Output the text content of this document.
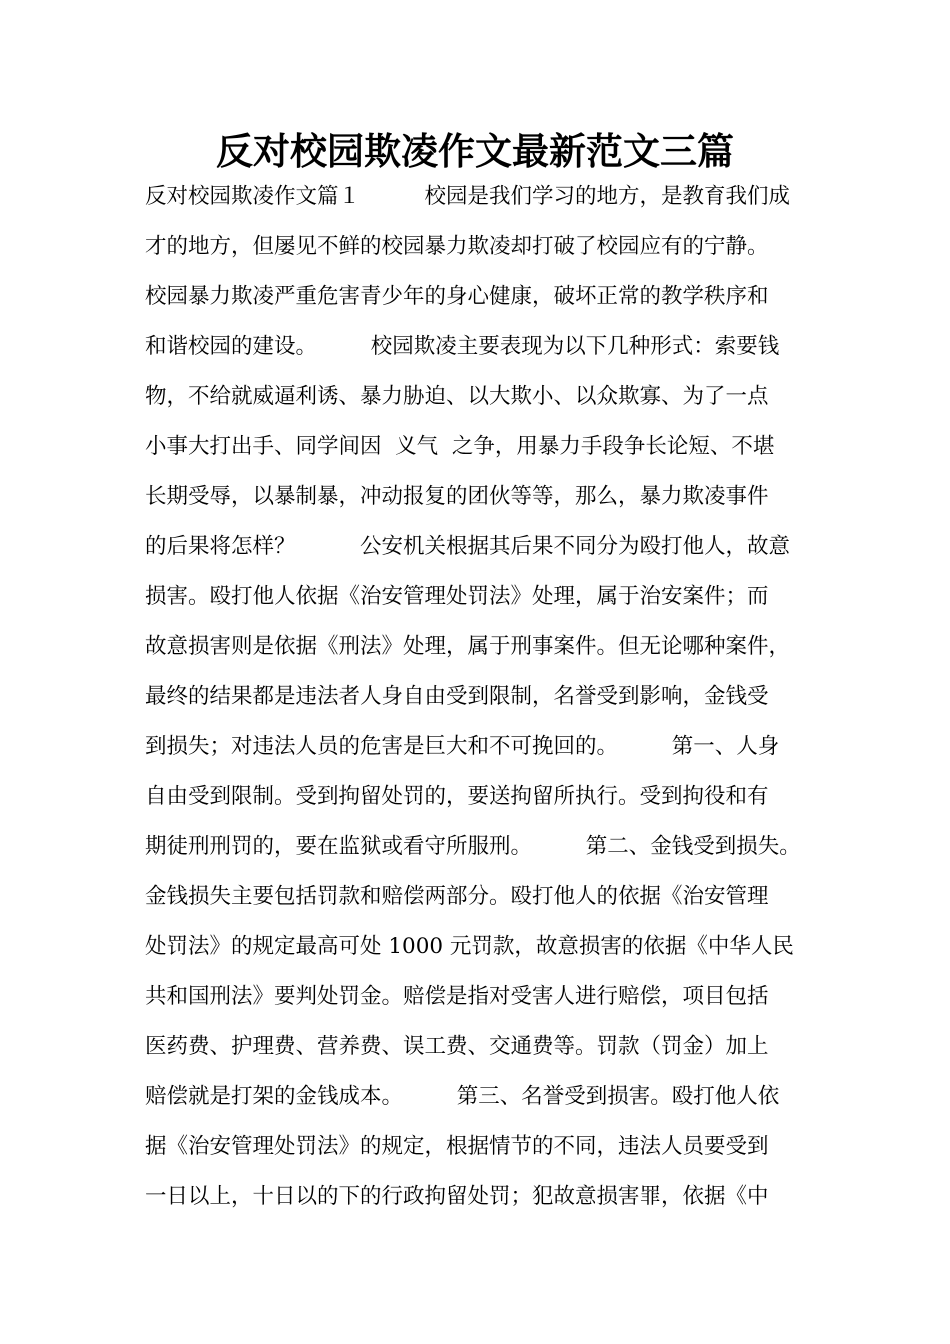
反对校园欺凌作文最新范文三篇
反对校园欺凌作文篇１　　　校园是我们学习的地方，是教育我们成
才的地方，但屡见不鲜的校园暴力欺凌却打破了校园应有的宁静。
校园暴力欺凌严重危害青少年的身心健康，破坏正常的教学秩序和
和谐校园的建设。　　　校园欺凌主要表现为以下几种形式：索要钱
物，不给就威逼利诱、暴力胁迫、以大欺小、以众欺寡、为了一点
小事大打出手、同学间因  义气  之争，用暴力手段争长论短、不堪
长期受辱，以暴制暴，冲动报复的团伙等等，那么，暴力欺凌事件
的后果将怎样？　　　公安机关根据其后果不同分为殴打他人，故意
损害。殴打他人依据《治安管理处罚法》处理，属于治安案件；而
故意损害则是依据《刑法》处理，属于刑事案件。但无论哪种案件，
最终的结果都是违法者人身自由受到限制，名誉受到影响，金钱受
到损失；对违法人员的危害是巨大和不可挽回的。　　　第一、人身
自由受到限制。受到拘留处罚的，要送拘留所执行。受到拘役和有
期徒刑刑罚的，要在监狱或看守所服刑。　　　第二、金钱受到损失。
金钱损失主要包括罚款和赔偿两部分。殴打他人的依据《治安管理
处罚法》的规定最高可处 1000 元罚款，故意损害的依据《中华人民
共和国刑法》要判处罚金。赔偿是指对受害人进行赔偿，项目包括
医药费、护理费、营养费、误工费、交通费等。罚款（罚金）加上
赔偿就是打架的金钱成本。　　　第三、名誉受到损害。殴打他人依
据《治安管理处罚法》的规定，根据情节的不同，违法人员要受到
一日以上，十日以的下的行政拘留处罚；犯故意损害罪，依据《中
